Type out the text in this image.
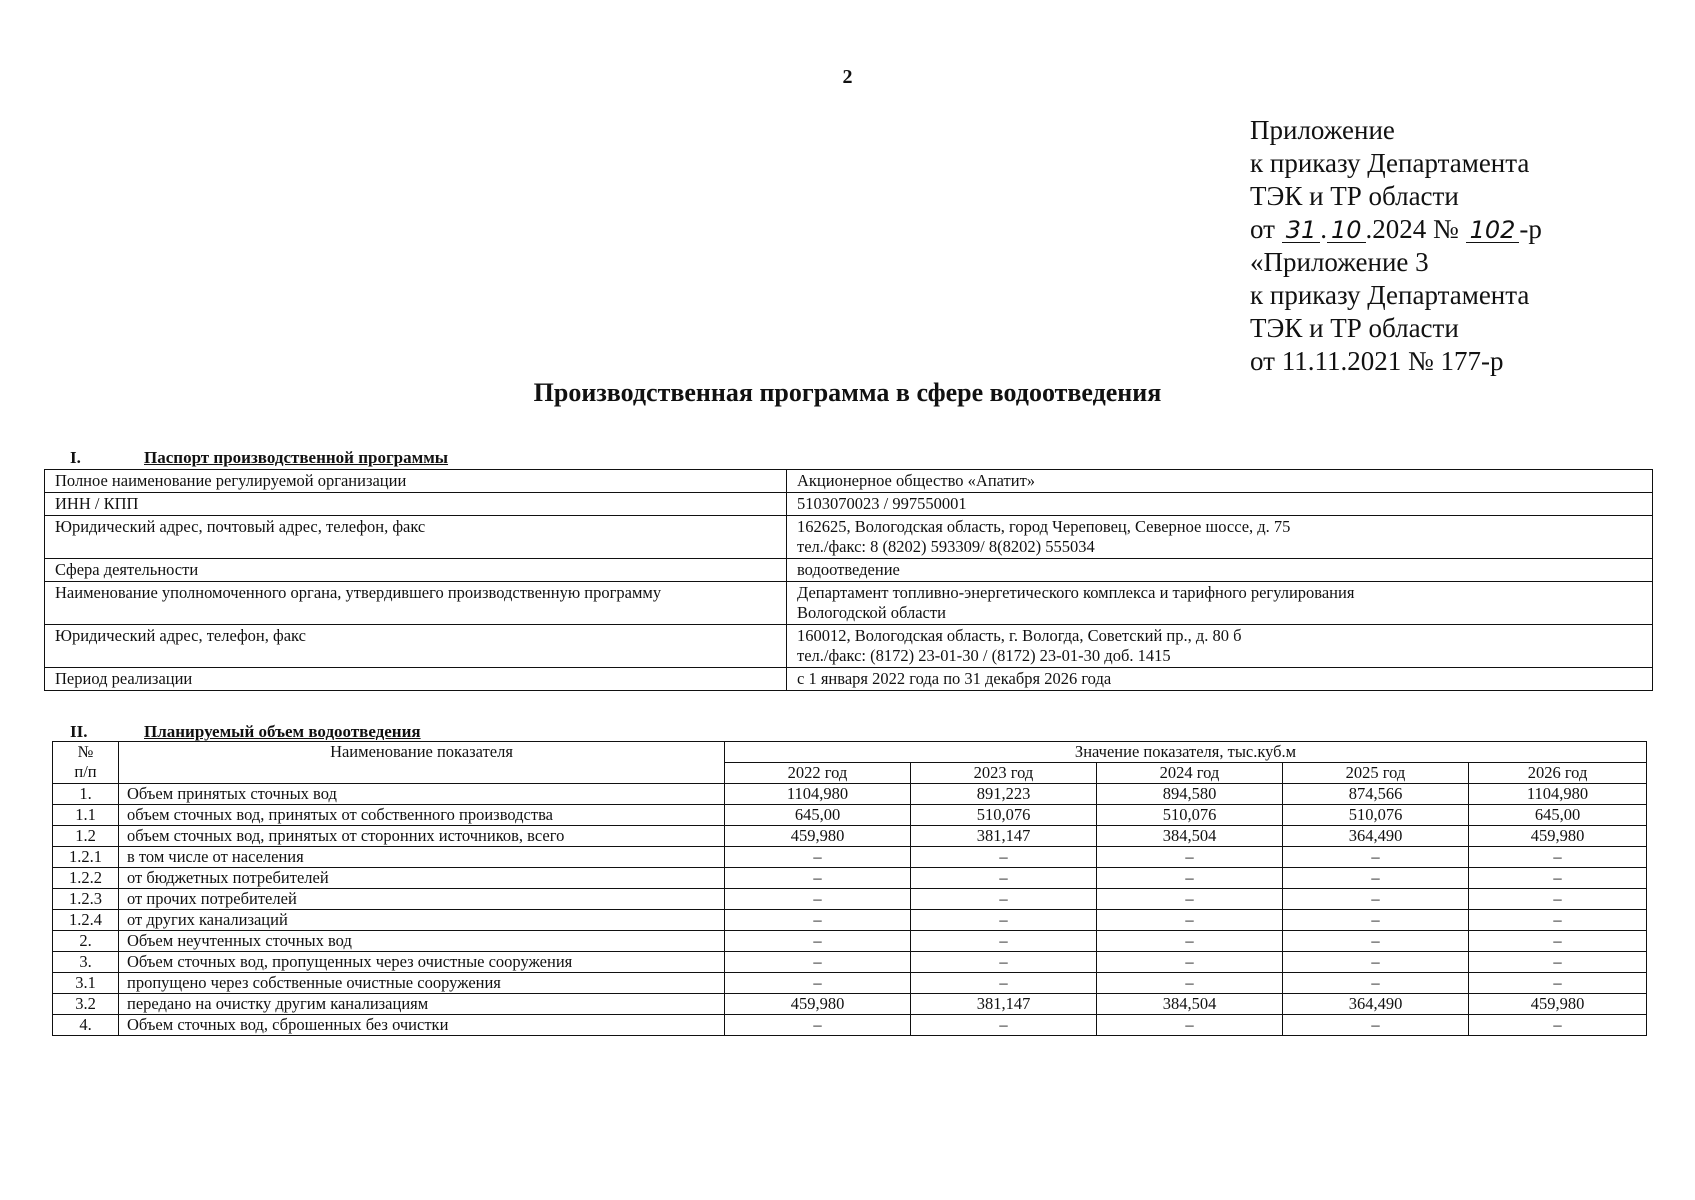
2
Приложение
к приказу Департамента
ТЭК и ТР области
от 31 . 10 .2024 № 102 -р
«Приложение 3
к приказу Департамента
ТЭК и ТР области
от 11.11.2021 № 177-р
Производственная программа в сфере водоотведения
I.	Паспорт производственной программы
Полное наименование регулируемой организации	Акционерное общество «Апатит»

ИНН / КПП	5103070023 / 997550001

Юридический адрес, почтовый адрес, телефон, факс	162625, Вологодская область, город Череповец, Северное шоссе, д. 75
тел./факс: 8 (8202) 593309/ 8(8202) 555034

Сфера деятельности	водоотведение

Наименование уполномоченного органа, утвердившего производственную программу	Департамент топливно-энергетического комплекса и тарифного регулирования
Вологодской области

Юридический адрес, телефон, факс	160012, Вологодская область, г. Вологда, Советский пр., д. 80 б
тел./факс: (8172) 23-01-30 / (8172) 23-01-30 доб. 1415

Период реализации	с 1 января 2022 года по 31 декабря 2026 года
II.	Планируемый объем водоотведения
№
п/п	Наименование показателя	Значение показателя, тыс.куб.м				
		2022 год	2023 год	2024 год	2025 год	2026 год
1.	Объем принятых сточных вод	1104,980	891,223	894,580	874,566	1104,980
1.1	объем сточных вод, принятых от собственного производства	645,00	510,076	510,076	510,076	645,00
1.2	объем сточных вод, принятых от сторонних источников, всего	459,980	381,147	384,504	364,490	459,980
1.2.1	в том числе от населения	–	–	–	–	–
1.2.2	от бюджетных потребителей	–	–	–	–	–
1.2.3	от прочих потребителей	–	–	–	–	–
1.2.4	от других канализаций	–	–	–	–	–
2.	Объем неучтенных сточных вод	–	–	–	–	–
3.	Объем сточных вод, пропущенных через очистные сооружения	–	–	–	–	–
3.1	пропущено через собственные очистные сооружения	–	–	–	–	–
3.2	передано на очистку другим канализациям	459,980	381,147	384,504	364,490	459,980
4.	Объем сточных вод, сброшенных без очистки	–	–	–	–	–
